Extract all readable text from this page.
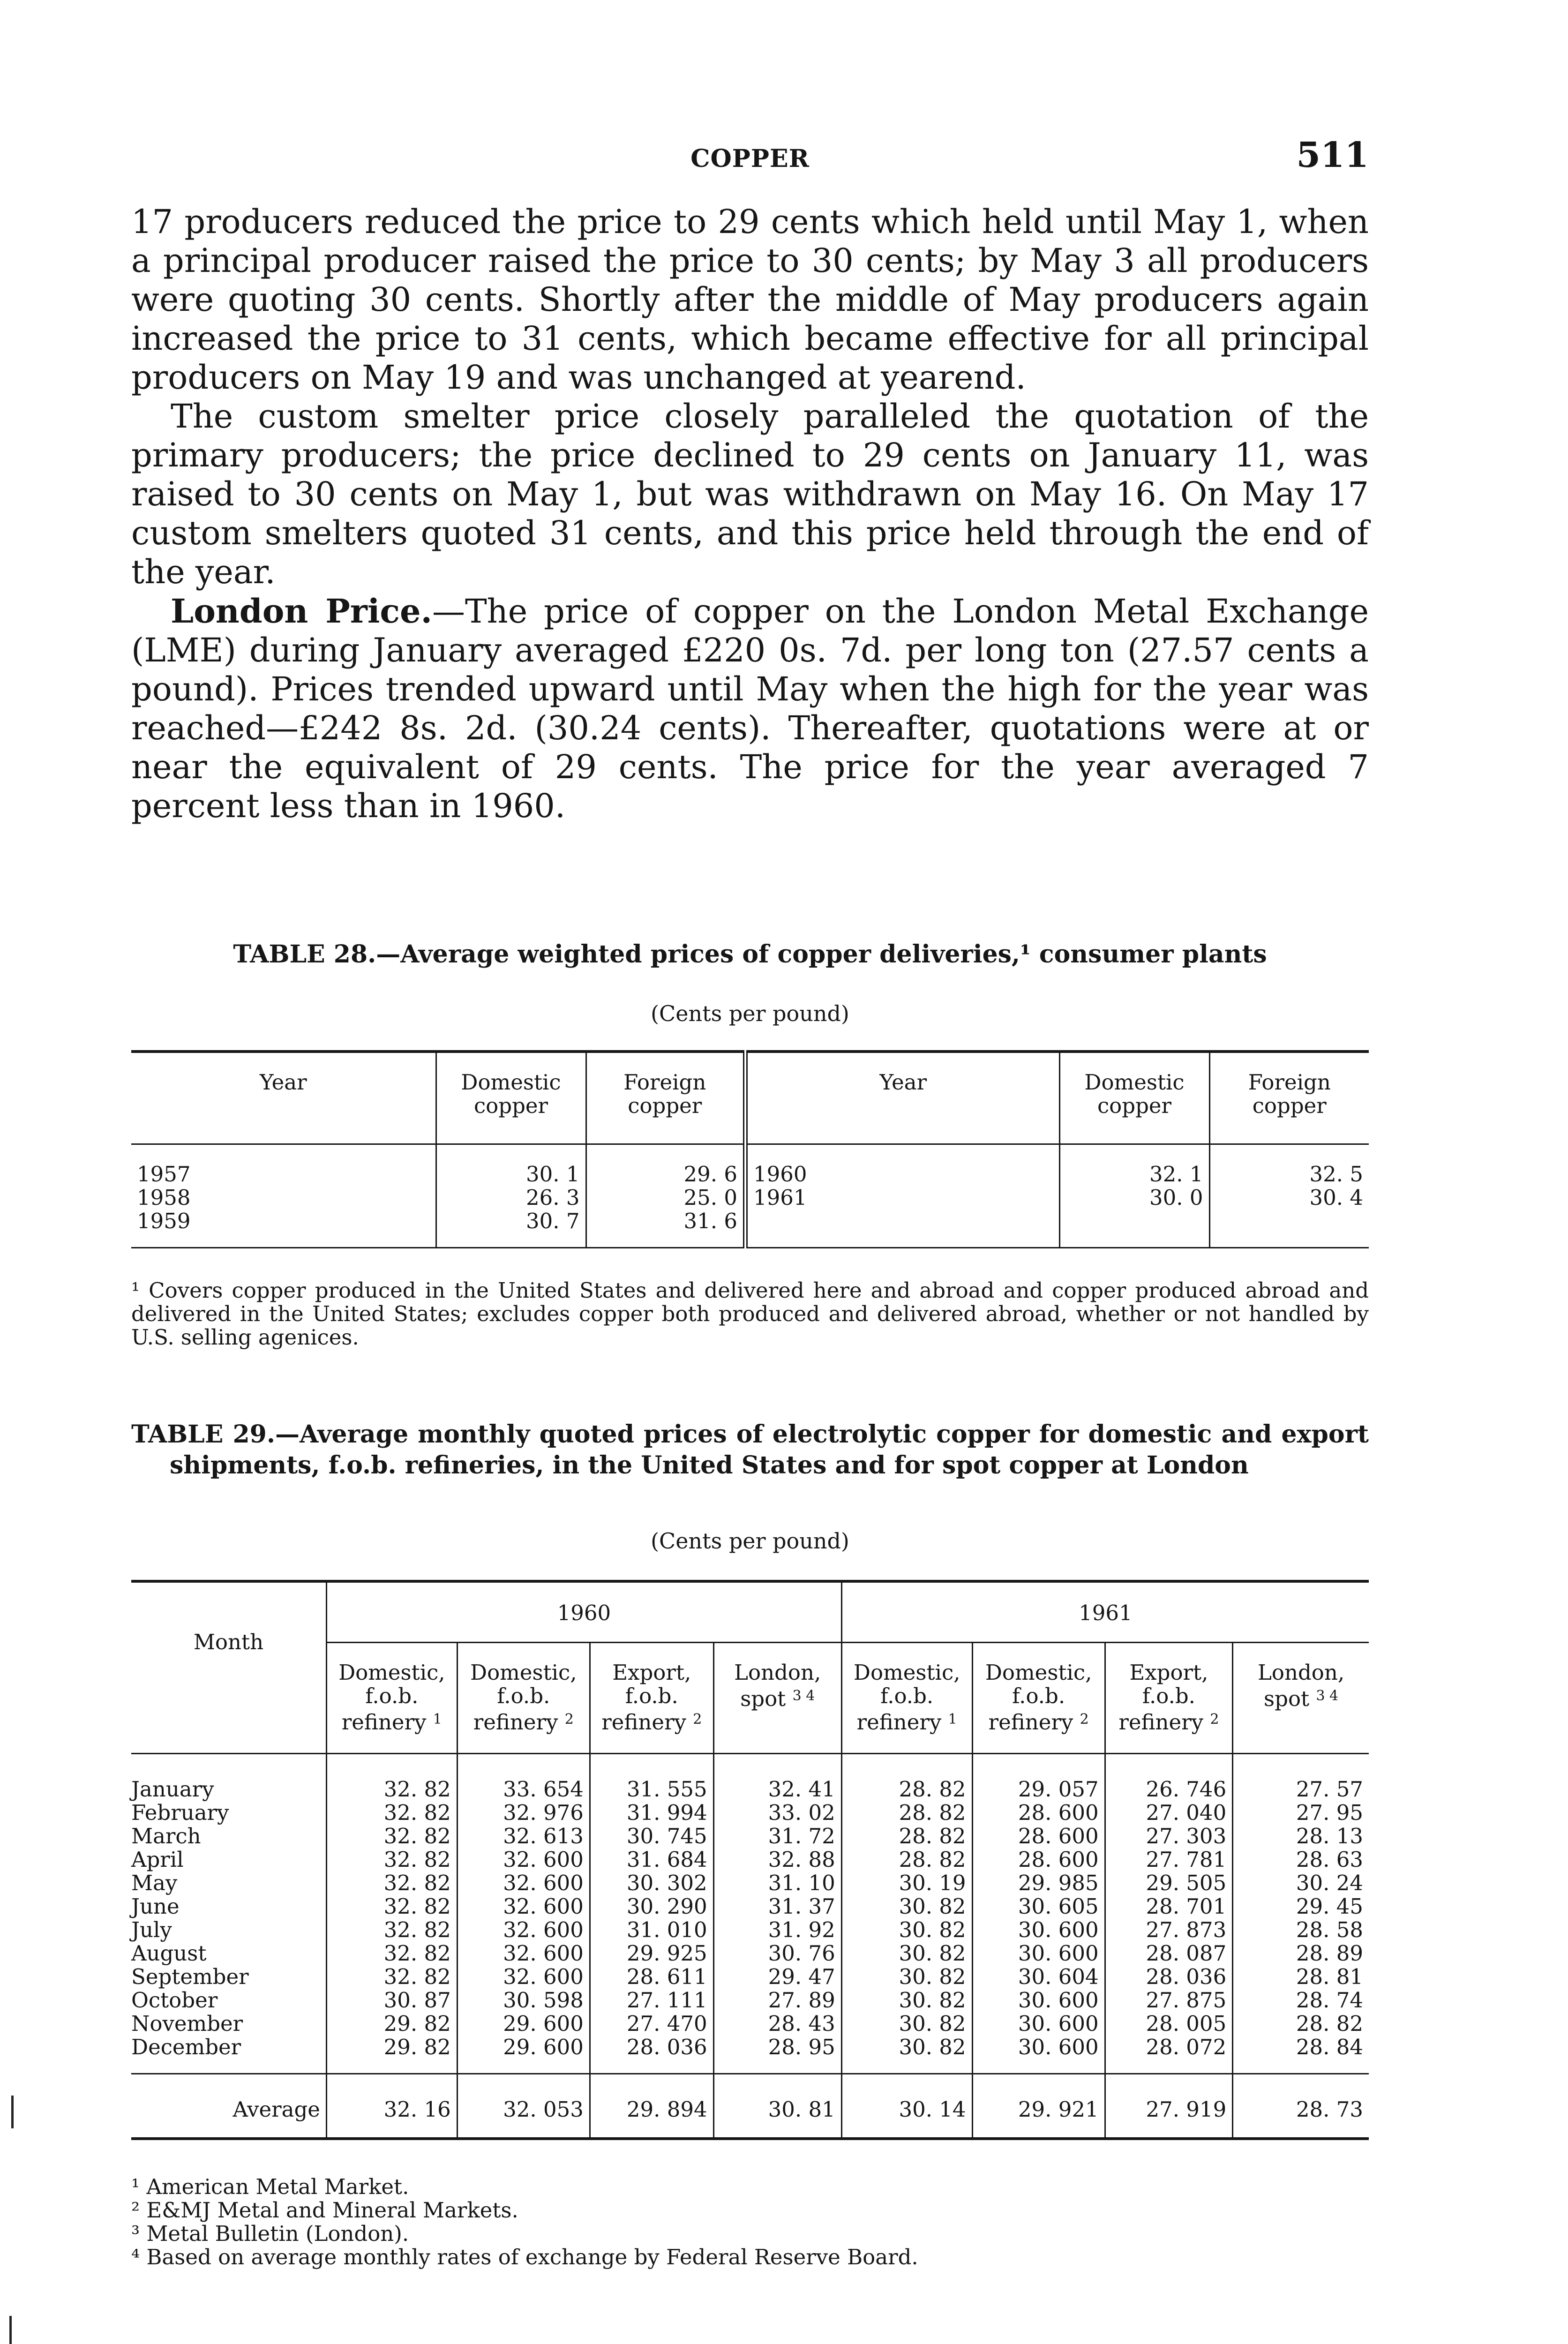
COPPER	511

17 producers reduced the price to 29 cents which held until May 1, when a principal producer raised the price to 30 cents; by May 3 all producers were quoting 30 cents. Shortly after the middle of May producers again increased the price to 31 cents, which became effective for all principal producers on May 19 and was unchanged at yearend.

The custom smelter price closely paralleled the quotation of the primary producers; the price declined to 29 cents on January 11, was raised to 30 cents on May 1, but was withdrawn on May 16. On May 17 custom smelters quoted 31 cents, and this price held through the end of the year.

London Price.—The price of copper on the London Metal Exchange (LME) during January averaged £220 0s. 7d. per long ton (27.57 cents a pound). Prices trended upward until May when the high for the year was reached—£242 8s. 2d. (30.24 cents). Thereafter, quotations were at or near the equivalent of 29 cents. The price for the year averaged 7 percent less than in 1960.

TABLE 28.—Average weighted prices of copper deliveries,¹ consumer plants
(Cents per pound)
Year	Domestic copper	Foreign copper	Year	Domestic copper	Foreign copper
1957	30. 1	29. 6	1960	32. 1	32. 5
1958	26. 3	25. 0	1961	30. 0	30. 4
1959	30. 7	31. 6			
¹ Covers copper produced in the United States and delivered here and abroad and copper produced abroad and delivered in the United States; excludes copper both produced and delivered abroad, whether or not handled by U.S. selling agenices.
TABLE 29.—Average monthly quoted prices of electrolytic copper for domestic and export shipments, f.o.b. refineries, in the United States and for spot copper at London
(Cents per pound)
Month	1960				1961			
	Domestic, f.o.b. refinery $^1$	Domestic, f.o.b. refinery $^2$	Export, f.o.b. refinery $^2$	London, spot $^{3 4}$	Domestic, f.o.b. refinery $^1$	Domestic, f.o.b. refinery $^2$	Export, f.o.b. refinery $^2$	London, spot $^{3 4}$
January	32. 82	33. 654	31. 555	32. 41	28. 82	29. 057	26. 746	27. 57
February	32. 82	32. 976	31. 994	33. 02	28. 82	28. 600	27. 040	27. 95
March	32. 82	32. 613	30. 745	31. 72	28. 82	28. 600	27. 303	28. 13
April	32. 82	32. 600	31. 684	32. 88	28. 82	28. 600	27. 781	28. 63
May	32. 82	32. 600	30. 302	31. 10	30. 19	29. 985	29. 505	30. 24
June	32. 82	32. 600	30. 290	31. 37	30. 82	30. 605	28. 701	29. 45
July	32. 82	32. 600	31. 010	31. 92	30. 82	30. 600	27. 873	28. 58
August	32. 82	32. 600	29. 925	30. 76	30. 82	30. 600	28. 087	28. 89
September	32. 82	32. 600	28. 611	29. 47	30. 82	30. 604	28. 036	28. 81
October	30. 87	30. 598	27. 111	27. 89	30. 82	30. 600	27. 875	28. 74
November	29. 82	29. 600	27. 470	28. 43	30. 82	30. 600	28. 005	28. 82
December	29. 82	29. 600	28. 036	28. 95	30. 82	30. 600	28. 072	28. 84
Average	32. 16	32. 053	29. 894	30. 81	30. 14	29. 921	27. 919	28. 73
¹ American Metal Market.
² E&MJ Metal and Mineral Markets.
³ Metal Bulletin (London).
⁴ Based on average monthly rates of exchange by Federal Reserve Board.
